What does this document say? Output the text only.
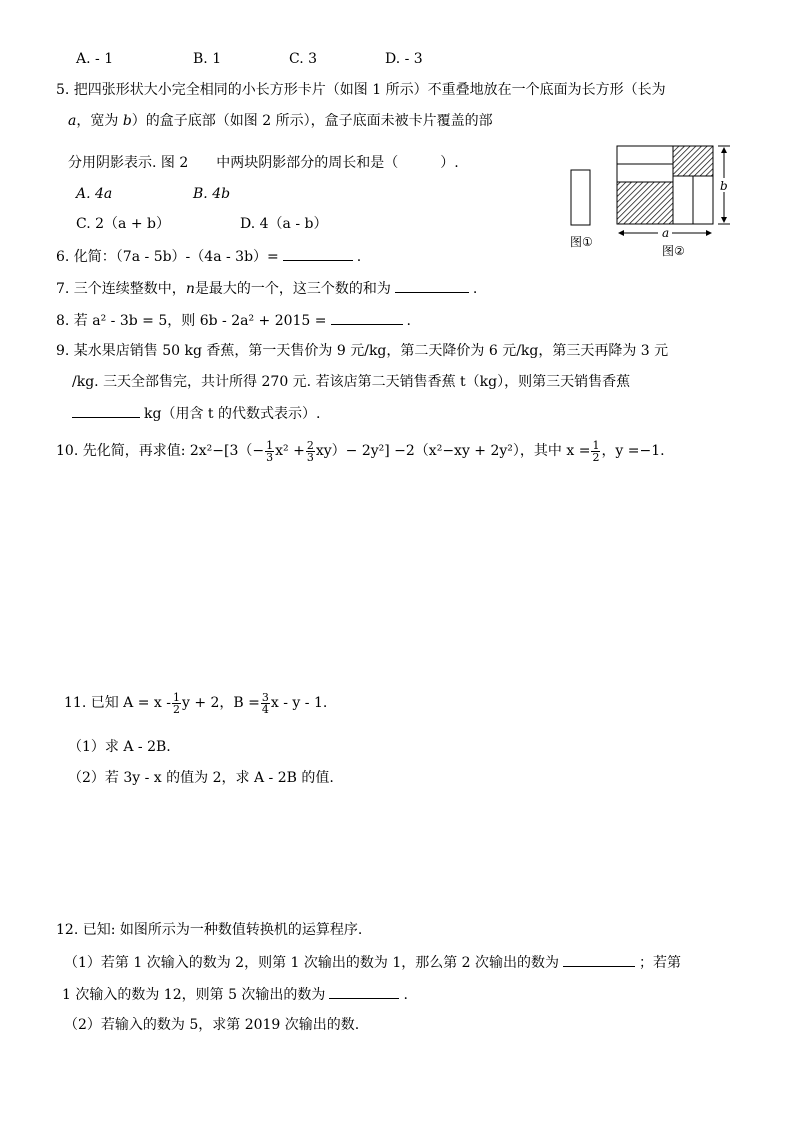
A. - 1	B. 1	C. 3	D. - 3
5. 把四张形状大小完全相同的小长方形卡片（如图 1 所示）不重叠地放在一个底面为长方形（长为
a，宽为 b）的盒子底部（如图 2 所示），盒子底面未被卡片覆盖的部
分用阴影表示. 图 2　　中两块阴影部分的周长和是（　　　）.
A. 4a	B. 4b
C. 2（a + b）	D. 4（a - b）
b
a
图①
图②
6. 化简：（7a - 5b）-（4a - 3b）=	.
7. 三个连续整数中，n是最大的一个，这三个数的和为	.
8. 若 a² - 3b = 5，则 6b - 2a² + 2015 =	.
9. 某水果店销售 50 kg 香蕉，第一天售价为 9 元/kg，第二天降价为 6 元/kg，第三天再降为 3 元
/kg. 三天全部售完，共计所得 270 元. 若该店第二天销售香蕉 t（kg），则第三天销售香蕉
kg（用含 t 的代数式表示）.
10. 先化简，再求值: $2x^2-[3(- \frac{1}{3} x^2 + \frac{2}{3} xy)- 2y^2] -2(x^2-xy + 2y^2)$，其中 $x = \frac{1}{2}$ ，y =−1.
11. 已知 $A = x - \frac{1}{2}$ y + 2，$B = \frac{3}{4}$ x - y - 1.
（1）求 A - 2B.
（2）若 3y - x 的值为 2，求 A - 2B 的值.
12. 已知: 如图所示为一种数值转换机的运算程序.
（1）若第 1 次输入的数为 2，则第 1 次输出的数为 1，那么第 2 次输出的数为	；若第
1 次输入的数为 12，则第 5 次输出的数为	.
（2）若输入的数为 5，求第 2019 次输出的数.
